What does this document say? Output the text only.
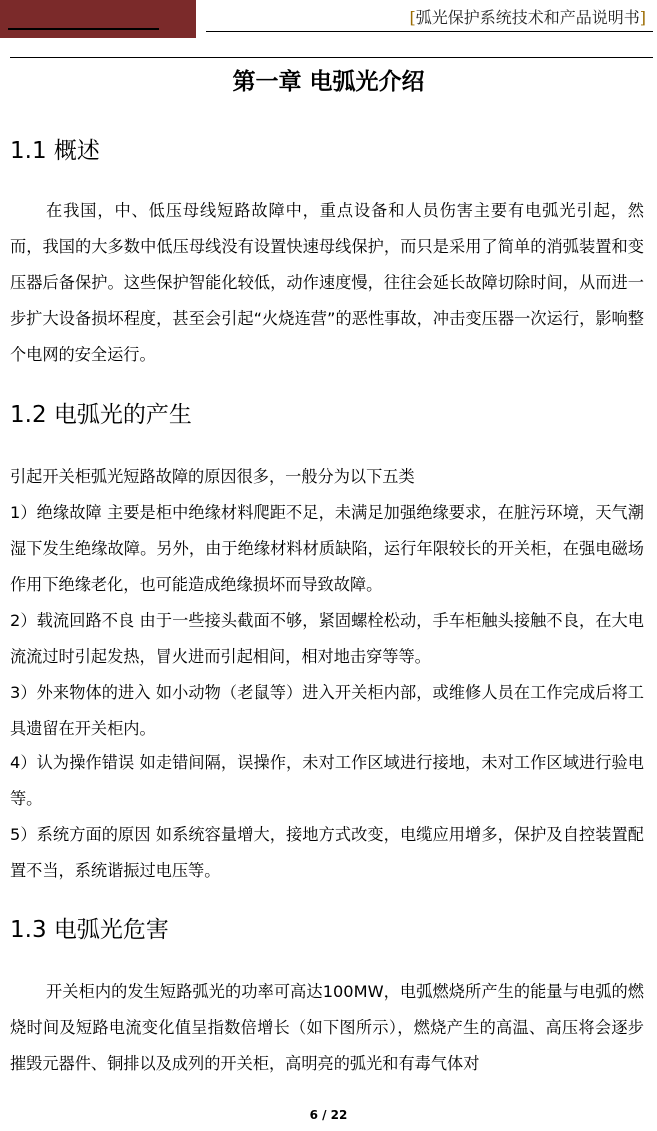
[弧光保护系统技术和产品说明书]
第一章 电弧光介绍
1.1 概述

在我国，中、低压母线短路故障中，重点设备和人员伤害主要有电弧光引起，然而，我国的大多数中低压母线没有设置快速母线保护，而只是采用了简单的消弧装置和变压器后备保护。这些保护智能化较低，动作速度慢，往往会延长故障切除时间，从而进一步扩大设备损坏程度，甚至会引起“火烧连营”的恶性事故，冲击变压器一次运行，影响整个电网的安全运行。

1.2 电弧光的产生

引起开关柜弧光短路故障的原因很多，一般分为以下五类

1）绝缘故障 主要是柜中绝缘材料爬距不足，未满足加强绝缘要求，在脏污环境，天气潮湿下发生绝缘故障。另外，由于绝缘材料材质缺陷，运行年限较长的开关柜，在强电磁场作用下绝缘老化，也可能造成绝缘损坏而导致故障。

2）载流回路不良 由于一些接头截面不够，紧固螺栓松动，手车柜触头接触不良，在大电流流过时引起发热，冒火进而引起相间，相对地击穿等等。

3）外来物体的进入 如小动物（老鼠等）进入开关柜内部，或维修人员在工作完成后将工具遗留在开关柜内。

4）认为操作错误 如走错间隔，误操作，未对工作区域进行接地，未对工作区域进行验电等。

5）系统方面的原因 如系统容量增大，接地方式改变，电缆应用增多，保护及自控装置配置不当，系统谐振过电压等。

1.3 电弧光危害

开关柜内的发生短路弧光的功率可高达100MW，电弧燃烧所产生的能量与电弧的燃烧时间及短路电流变化值呈指数倍增长（如下图所示），燃烧产生的高温、高压将会逐步摧毁元器件、铜排以及成列的开关柜，高明亮的弧光和有毒气体对

6 / 22
